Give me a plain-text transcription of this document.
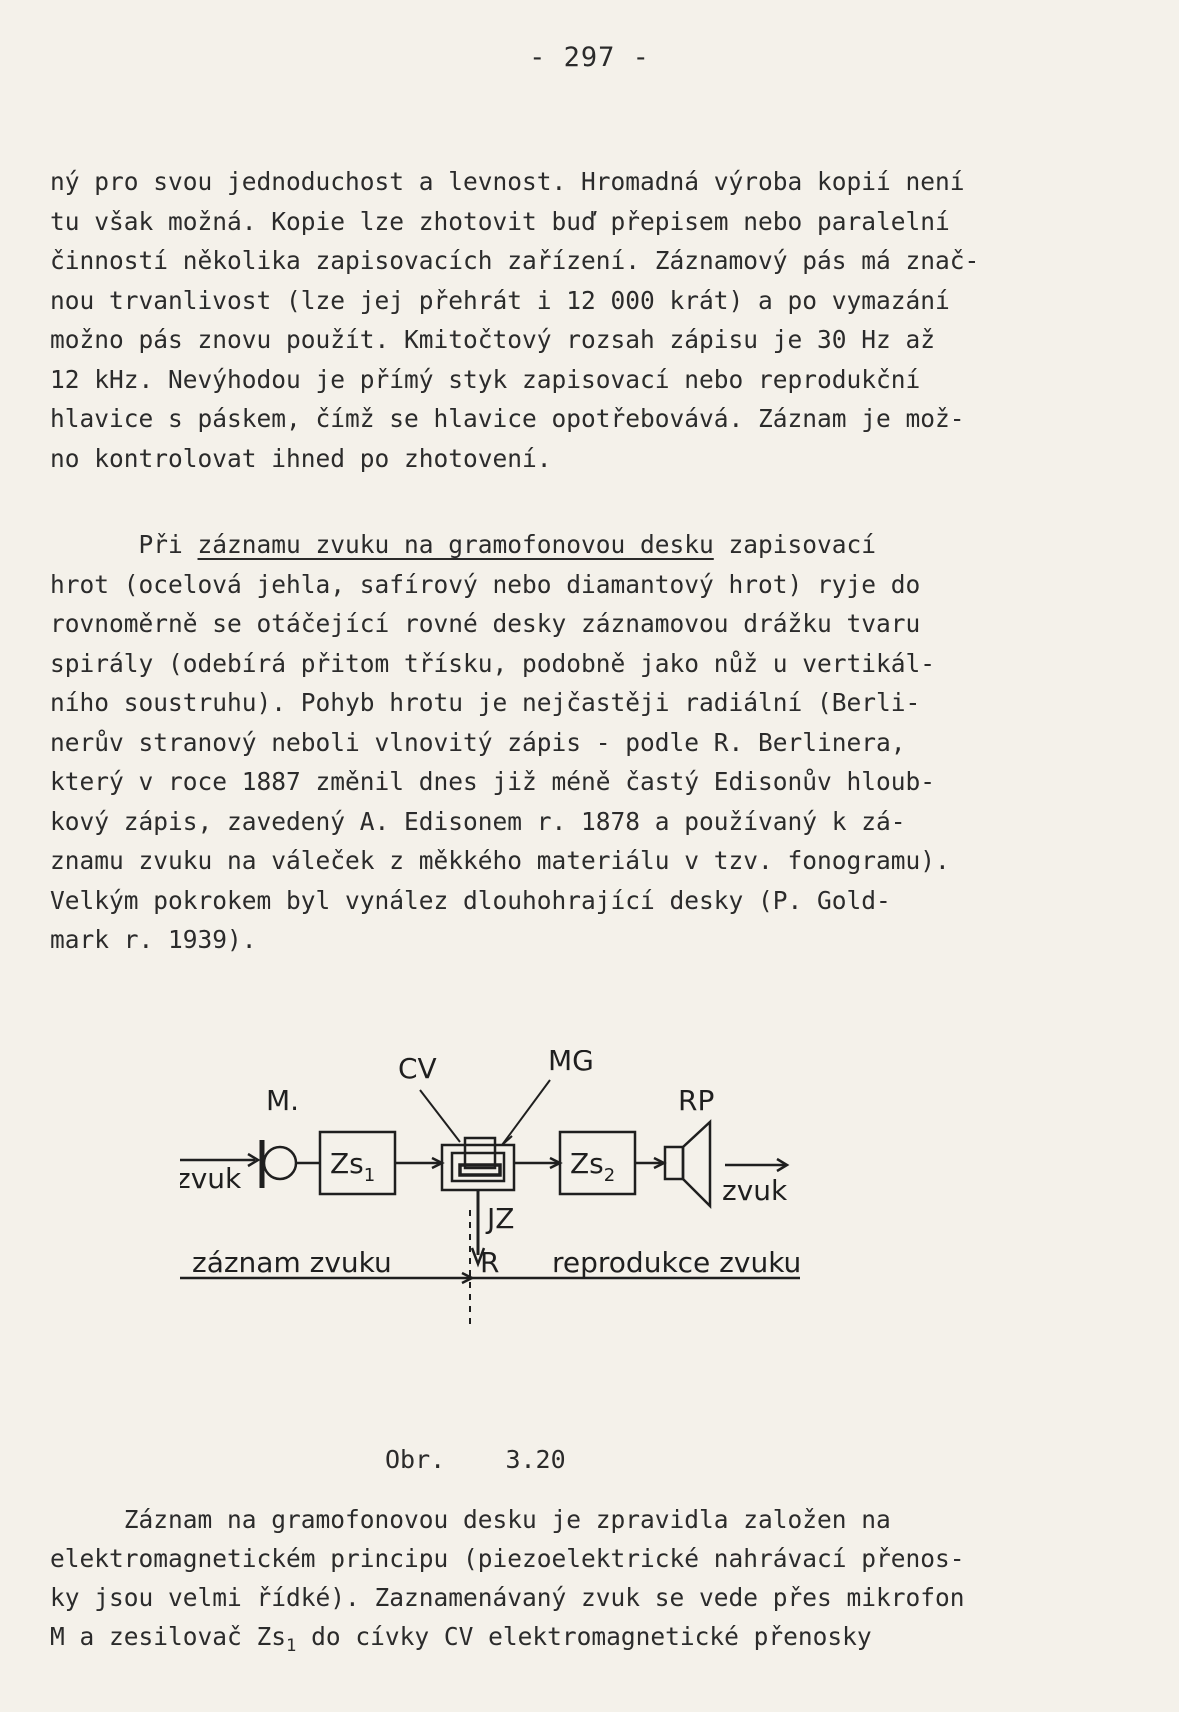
- 297 -
ný pro svou jednoduchost a levnost. Hromadná výroba kopií není
tu však možná. Kopie lze zhotovit buď přepisem nebo paralelní
činností několika zapisovacích zařízení. Záznamový pás má znač-
nou trvanlivost (lze jej přehrát i 12 000 krát) a po vymazání
možno pás znovu použít. Kmitočtový rozsah zápisu je 30 Hz až
12 kHz. Nevýhodou je přímý styk zapisovací nebo reprodukční
hlavice s páskem, čímž se hlavice opotřebovává. Záznam je mož-
no kontrolovat ihned po zhotovení.
Při záznamu zvuku na gramofonovou desku zapisovací
hrot (ocelová jehla, safírový nebo diamantový hrot) ryje do
rovnoměrně se otáčející rovné desky záznamovou drážku tvaru
spirály (odebírá přitom třísku, podobně jako nůž u vertikál-
ního soustruhu). Pohyb hrotu je nejčastěji radiální (Berli-
nerův stranový neboli vlnovitý zápis - podle R. Berlinera,
který v roce 1887 změnil dnes již méně častý Edisonův hloub-
kový zápis, zavedený A. Edisonem r. 1878 a používaný k zá-
znamu zvuku na váleček z měkkého materiálu v tzv. fonogramu).
Velkým pokrokem byl vynález dlouhohrající desky (P. Gold-
mark r. 1939).
M.
CV	MG
RP
$Zs_1$	$Zs_2$
JZ
R
zvuk	zvuk
záznam zvuku	reprodukce zvuku
Obr. 3.20
Záznam na gramofonovou desku je zpravidla založen na
elektromagnetickém principu (piezoelektrické nahrávací přenos-
ky jsou velmi řídké). Zaznamenávaný zvuk se vede přes mikrofon
M a zesilovač $Zs_1$ do cívky CV elektromagnetické přenosky
